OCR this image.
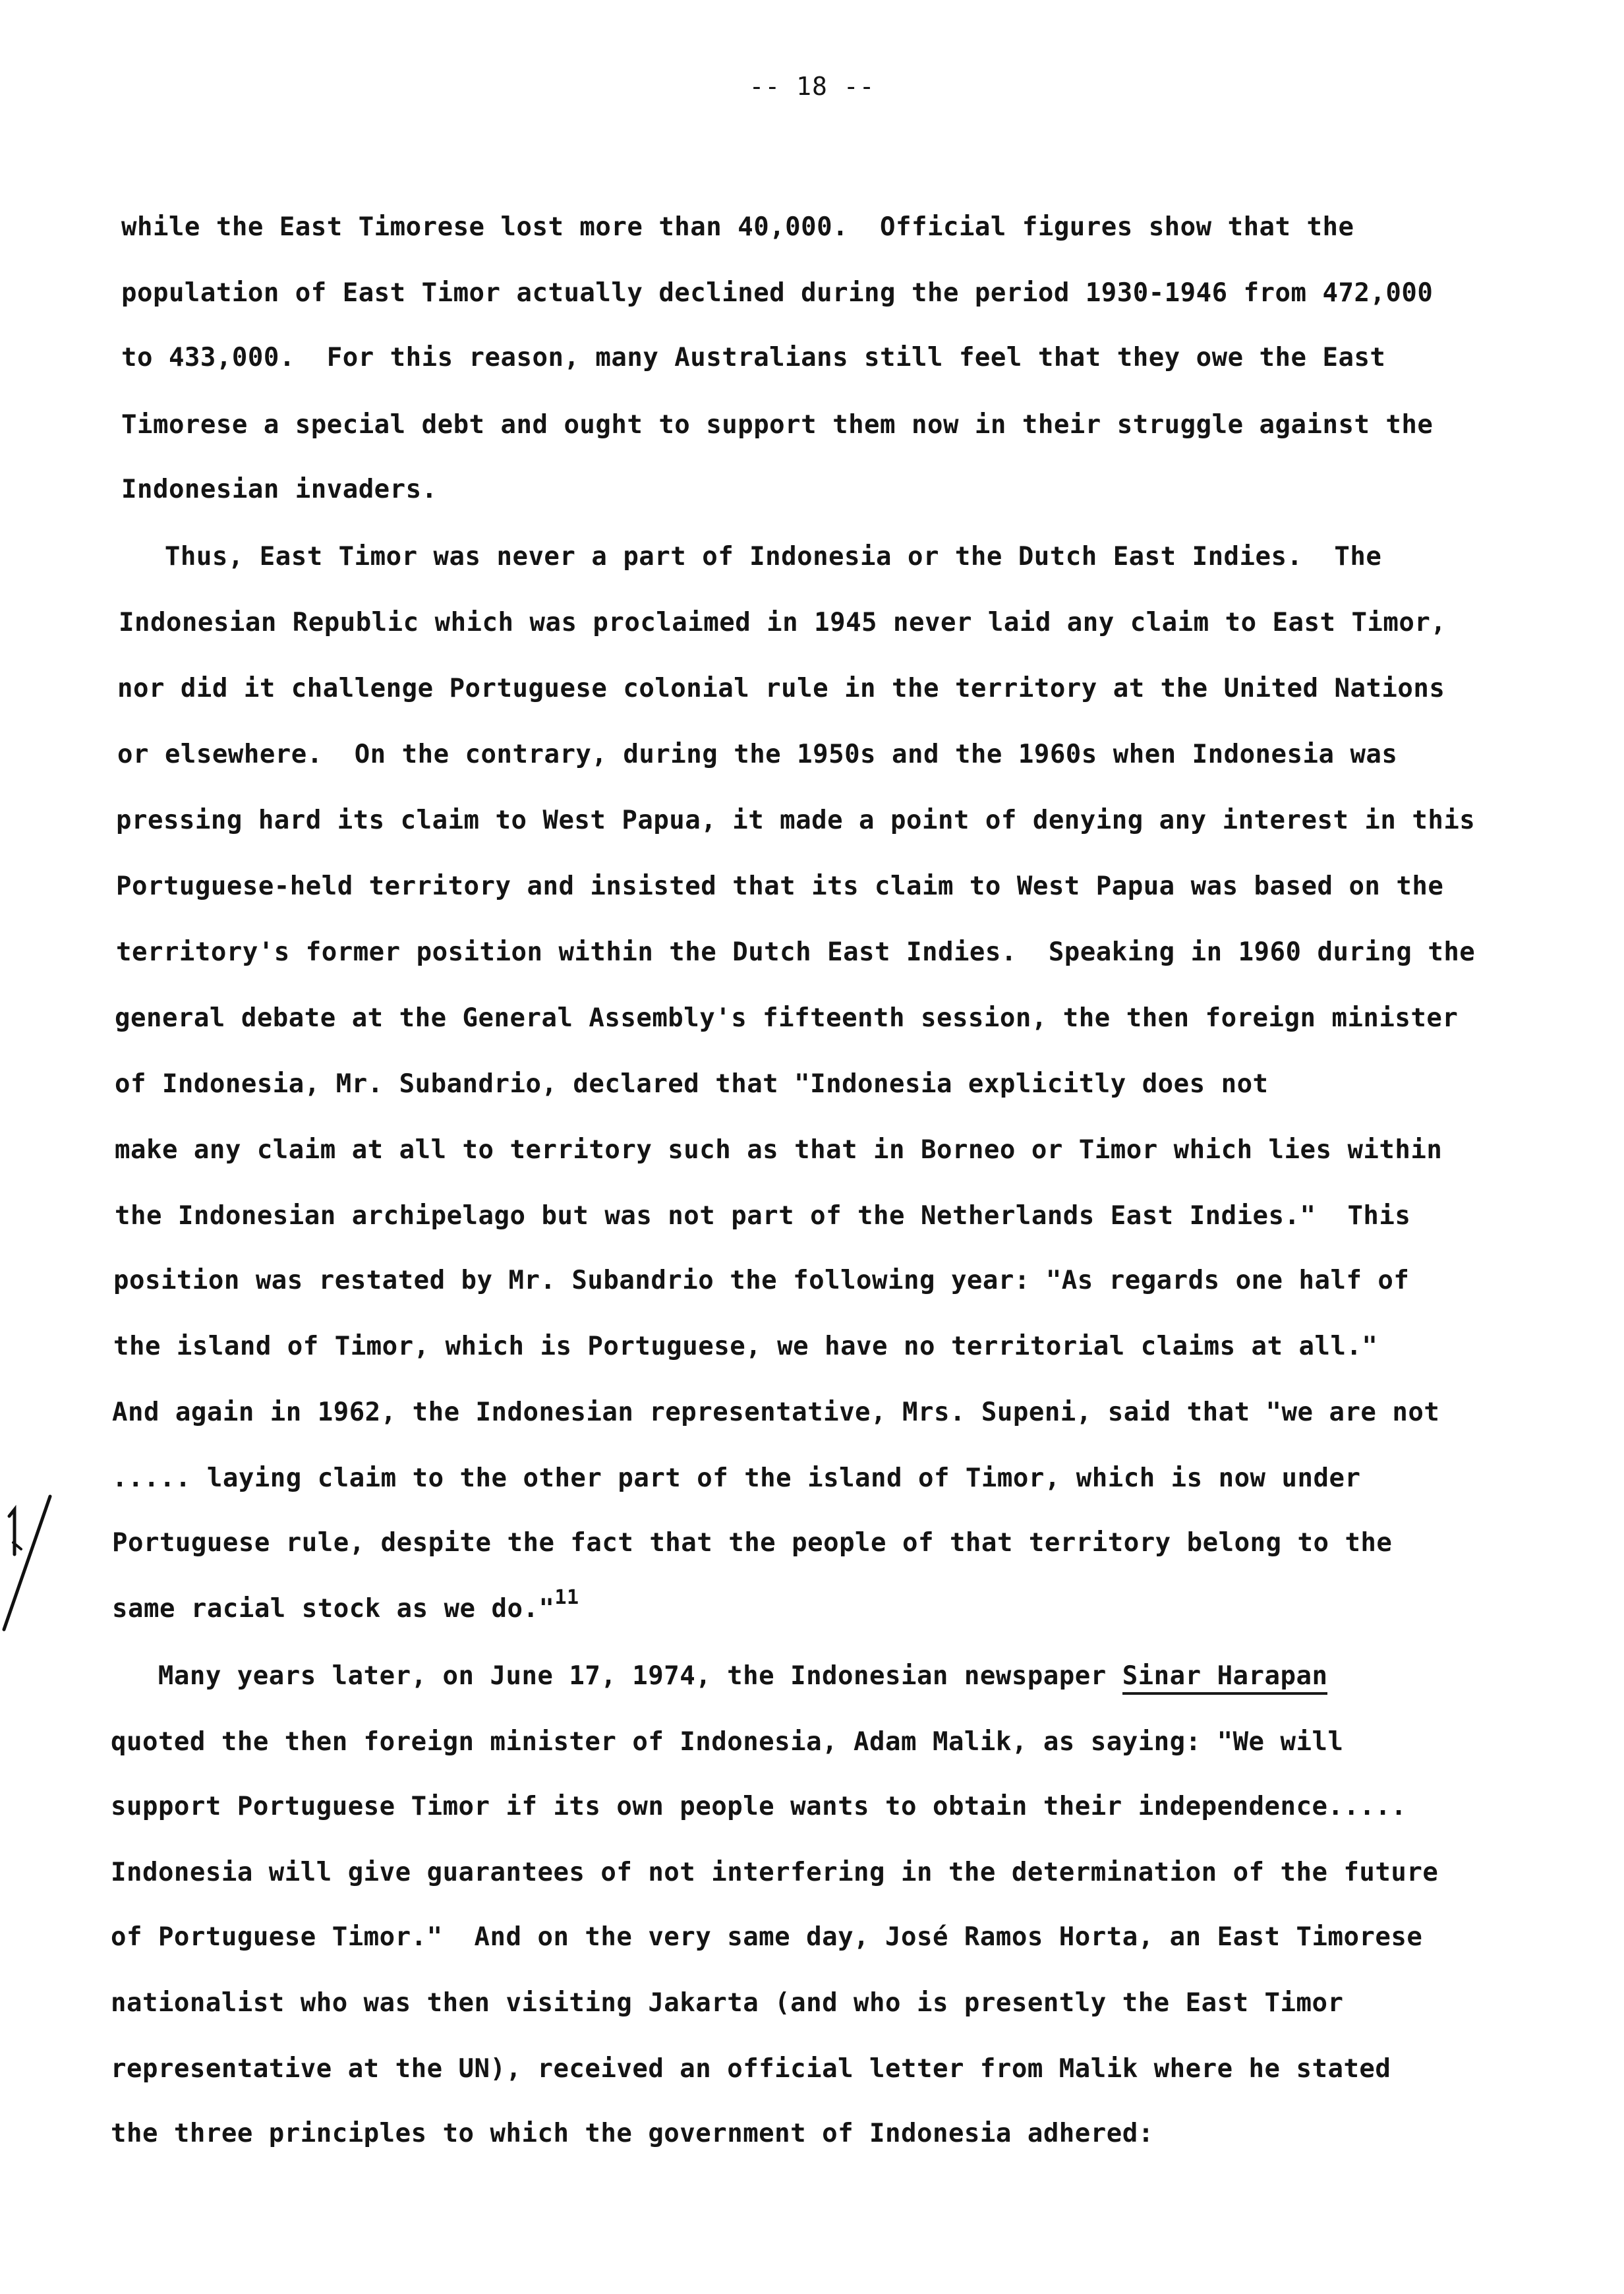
-- 18 --
while the East Timorese lost more than 40,000.  Official figures show that the
population of East Timor actually declined during the period 1930-1946 from 472,000
to 433,000.  For this reason, many Australians still feel that they owe the East
Timorese a special debt and ought to support them now in their struggle against the
Indonesian invaders.
Thus, East Timor was never a part of Indonesia or the Dutch East Indies.  The
Indonesian Republic which was proclaimed in 1945 never laid any claim to East Timor,
nor did it challenge Portuguese colonial rule in the territory at the United Nations
or elsewhere.  On the contrary, during the 1950s and the 1960s when Indonesia was
pressing hard its claim to West Papua, it made a point of denying any interest in this
Portuguese-held territory and insisted that its claim to West Papua was based on the
territory's former position within the Dutch East Indies.  Speaking in 1960 during the
general debate at the General Assembly's fifteenth session, the then foreign minister
of Indonesia, Mr. Subandrio, declared that "Indonesia explicitly does not
make any claim at all to territory such as that in Borneo or Timor which lies within
the Indonesian archipelago but was not part of the Netherlands East Indies."  This
position was restated by Mr. Subandrio the following year: "As regards one half of
the island of Timor, which is Portuguese, we have no territorial claims at all."
And again in 1962, the Indonesian representative, Mrs. Supeni, said that "we are not
..... laying claim to the other part of the island of Timor, which is now under
Portuguese rule, despite the fact that the people of that territory belong to the
same racial stock as we do."$^{11}$
Many years later, on June 17, 1974, the Indonesian newspaper Sinar Harapan
quoted the then foreign minister of Indonesia, Adam Malik, as saying: "We will
support Portuguese Timor if its own people wants to obtain their independence.....
Indonesia will give guarantees of not interfering in the determination of the future
of Portuguese Timor."  And on the very same day, José Ramos Horta, an East Timorese
nationalist who was then visiting Jakarta (and who is presently the East Timor
representative at the UN), received an official letter from Malik where he stated
the three principles to which the government of Indonesia adhered:
